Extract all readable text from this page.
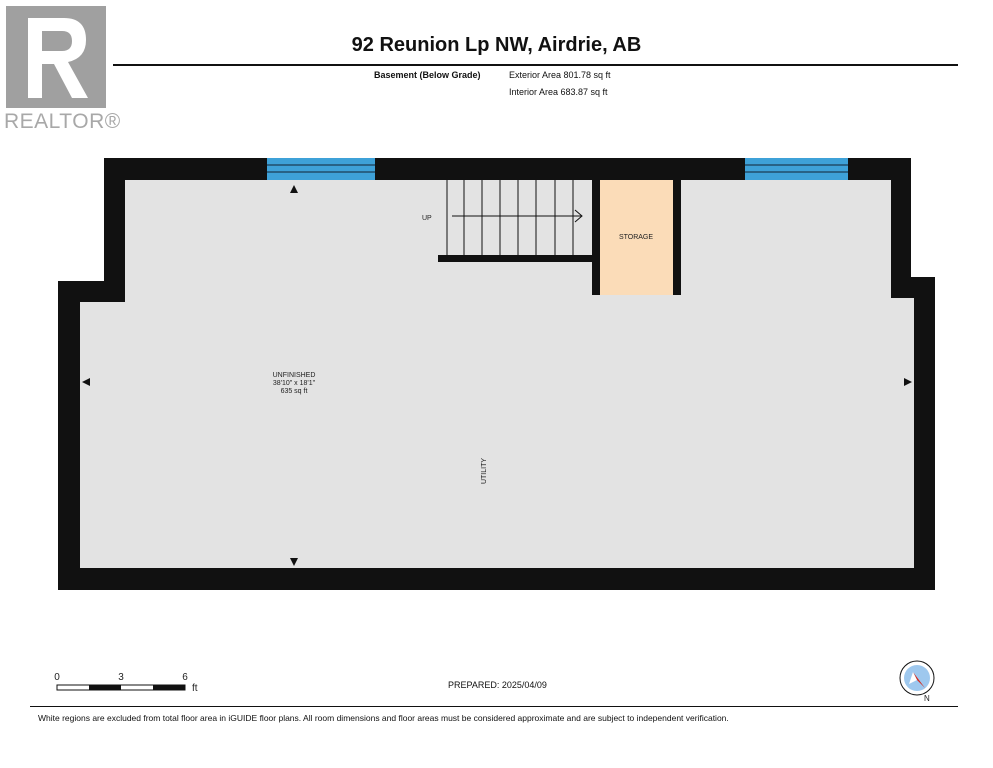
REALTOR®
92 Reunion Lp NW, Airdrie, AB
Basement (Below Grade)	Exterior Area 801.78 sq ft
Interior Area 683.87 sq ft
UP
STORAGE
UNFINISHED
38'10" x 18'1"
635 sq ft
UTILITY
0	3	6
ft
N
PREPARED: 2025/04/09
White regions are excluded from total floor area in iGUIDE floor plans. All room dimensions and floor areas must be considered approximate and are subject to independent verification.
